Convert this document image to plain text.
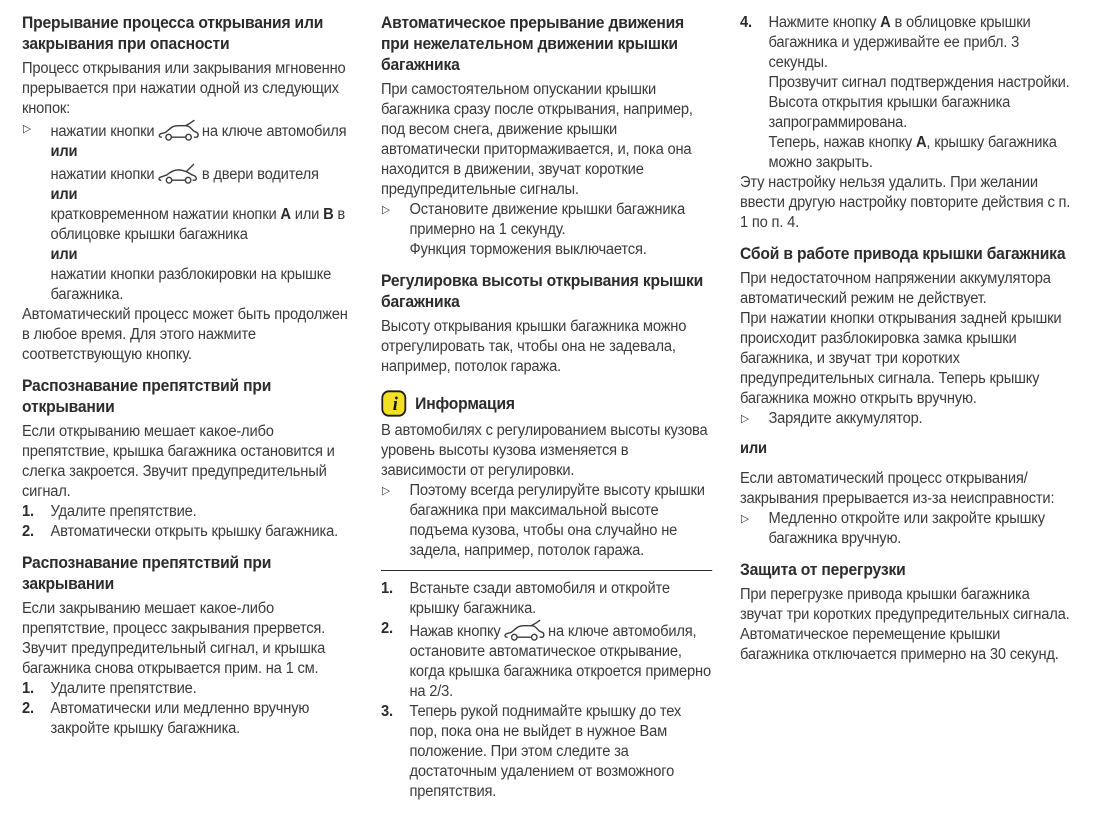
Прерывание процесса открывания или закрывания при опасности

Процесс открывания или закрывания мгновенно прерывается при нажатии одной из следующих кнопок:

▷	нажатии кнопки	на ключе автомобиля
или
нажатии кнопки	в двери водителя
или
кратковременном нажатии кнопки А или В в облицовке крышки багажника
или
нажатии кнопки разблокировки на крышке багажника.

Автоматический процесс может быть продолжен в любое время. Для этого нажмите соответствующую кнопку.

Распознавание препятствий при открывании

Если открыванию мешает какое-либо препятствие, крышка багажника остановится и слегка закроется. Звучит предупредительный сигнал.

1.	Удалите препятствие.
2.	Автоматически открыть крышку багажника.
Распознавание препятствий при закрывании

Если закрыванию мешает какое-либо препятствие, процесс закрывания прервется. Звучит предупредительный сигнал, и крышка багажника снова открывается прим. на 1 см.

1.	Удалите препятствие.
2.	Автоматически или медленно вручную закройте крышку багажника.
Автоматическое прерывание движения при нежелательном движении крышки багажника

При самостоятельном опускании крышки багажника сразу после открывания, например, под весом снега, движение крышки автоматически притормаживается, и, пока она находится в движении, звучат короткие предупредительные сигналы.

▷	Остановите движение крышки багажника примерно на 1 секунду.
Функция торможения выключается.
Регулировка высоты открывания крышки багажника

Высоту открывания крышки багажника можно отрегулировать так, чтобы она не задевала, например, потолок гаража.

i Информация

В автомобилях с регулированием высоты кузова уровень высоты кузова изменяется в зависимости от регулировки.

▷	Поэтому всегда регулируйте высоту крышки багажника при максимальной высоте подъема кузова, чтобы она случайно не задела, например, потолок гаража.
1.	Встаньте сзади автомобиля и откройте крышку багажника.
2.	Нажав кнопку	на ключе автомобиля, остановите автоматическое открывание, когда крышка багажника откроется примерно на 2/3.
3.	Теперь рукой поднимайте крышку до тех пор, пока она не выйдет в нужное Вам положение. При этом следите за достаточным удалением от возможного препятствия.
4.	Нажмите кнопку А в облицовке крышки багажника и удерживайте ее прибл. 3 секунды.
Прозвучит сигнал подтверждения настройки.
Высота открытия крышки багажника запрограммирована.
Теперь, нажав кнопку А, крышку багажника можно закрыть.

Эту настройку нельзя удалить. При желании ввести другую настройку повторите действия с п. 1 по п. 4.

Сбой в работе привода крышки багажника

При недостаточном напряжении аккумулятора автоматический режим не действует.

При нажатии кнопки открывания задней крышки происходит разблокировка замка крышки багажника, и звучат три коротких предупредительных сигнала. Теперь крышку багажника можно открыть вручную.

▷	Зарядите аккумулятор.

или

Если автоматический процесс открывания/ закрывания прерывается из-за неисправности:

▷	Медленно откройте или закройте крышку багажника вручную.
Защита от перегрузки

При перегрузке привода крышки багажника звучат три коротких предупредительных сигнала.

Автоматическое перемещение крышки багажника отключается примерно на 30 секунд.
